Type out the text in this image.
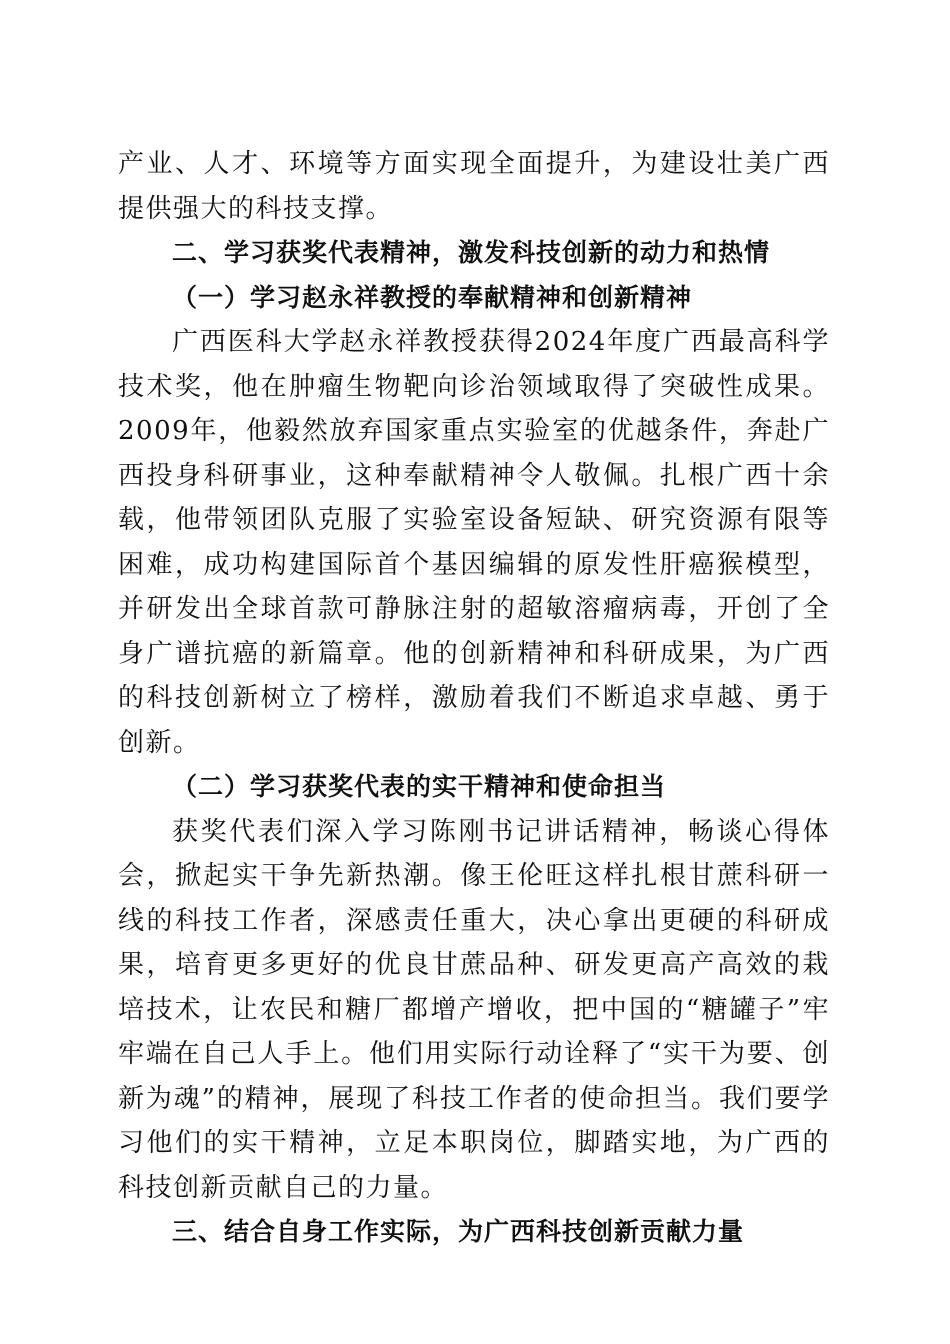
产业、人才、环境等方面实现全面提升，为建设壮美广西提供强大的科技支撑。

二、学习获奖代表精神，激发科技创新的动力和热情

（一）学习赵永祥教授的奉献精神和创新精神

广西医科大学赵永祥教授获得2024年度广西最高科学技术奖，他在肿瘤生物靶向诊治领域取得了突破性成果。2009年，他毅然放弃国家重点实验室的优越条件，奔赴广西投身科研事业，这种奉献精神令人敬佩。扎根广西十余载，他带领团队克服了实验室设备短缺、研究资源有限等困难，成功构建国际首个基因编辑的原发性肝癌猴模型，并研发出全球首款可静脉注射的超敏溶瘤病毒，开创了全身广谱抗癌的新篇章。他的创新精神和科研成果，为广西的科技创新树立了榜样，激励着我们不断追求卓越、勇于创新。

（二）学习获奖代表的实干精神和使命担当

获奖代表们深入学习陈刚书记讲话精神，畅谈心得体会，掀起实干争先新热潮。像王伦旺这样扎根甘蔗科研一线的科技工作者，深感责任重大，决心拿出更硬的科研成果，培育更多更好的优良甘蔗品种、研发更高产高效的栽培技术，让农民和糖厂都增产增收，把中国的“糖罐子”牢牢端在自己人手上。他们用实际行动诠释了“实干为要、创新为魂”的精神，展现了科技工作者的使命担当。我们要学习他们的实干精神，立足本职岗位，脚踏实地，为广西的科技创新贡献自己的力量。

三、结合自身工作实际，为广西科技创新贡献力量
